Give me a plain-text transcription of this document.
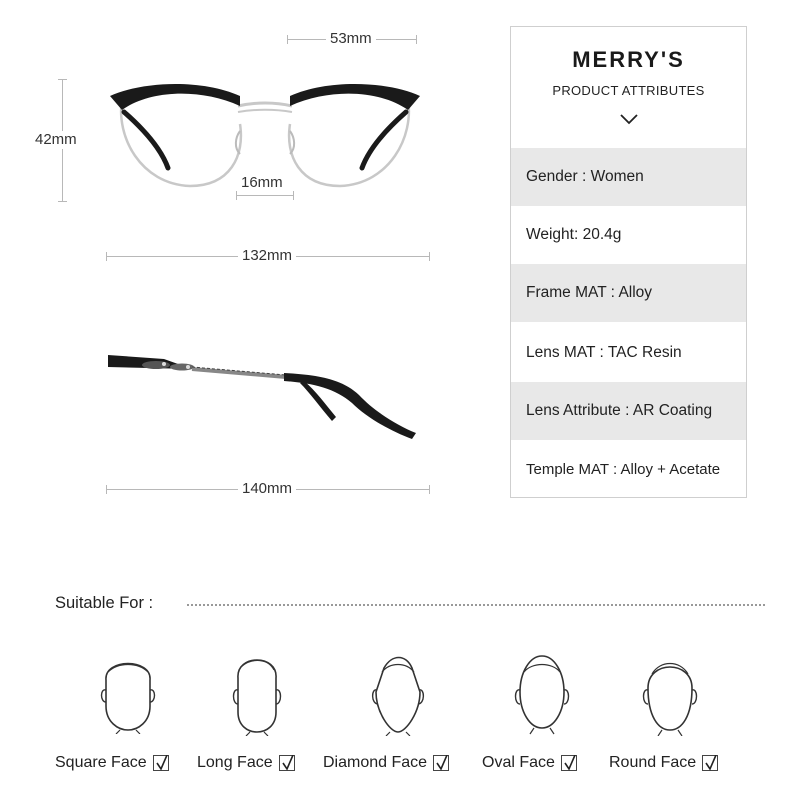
53mm
42mm
16mm
132mm
140mm
MERRY'S
PRODUCT ATTRIBUTES
Gender : Women
Weight: 20.4g
Frame MAT : Alloy
Lens MAT : TAC Resin
Lens Attribute : AR Coating
Temple MAT : Alloy + Acetate
Suitable For :
Square Face	Long Face	Diamond Face	Oval Face	Round Face
